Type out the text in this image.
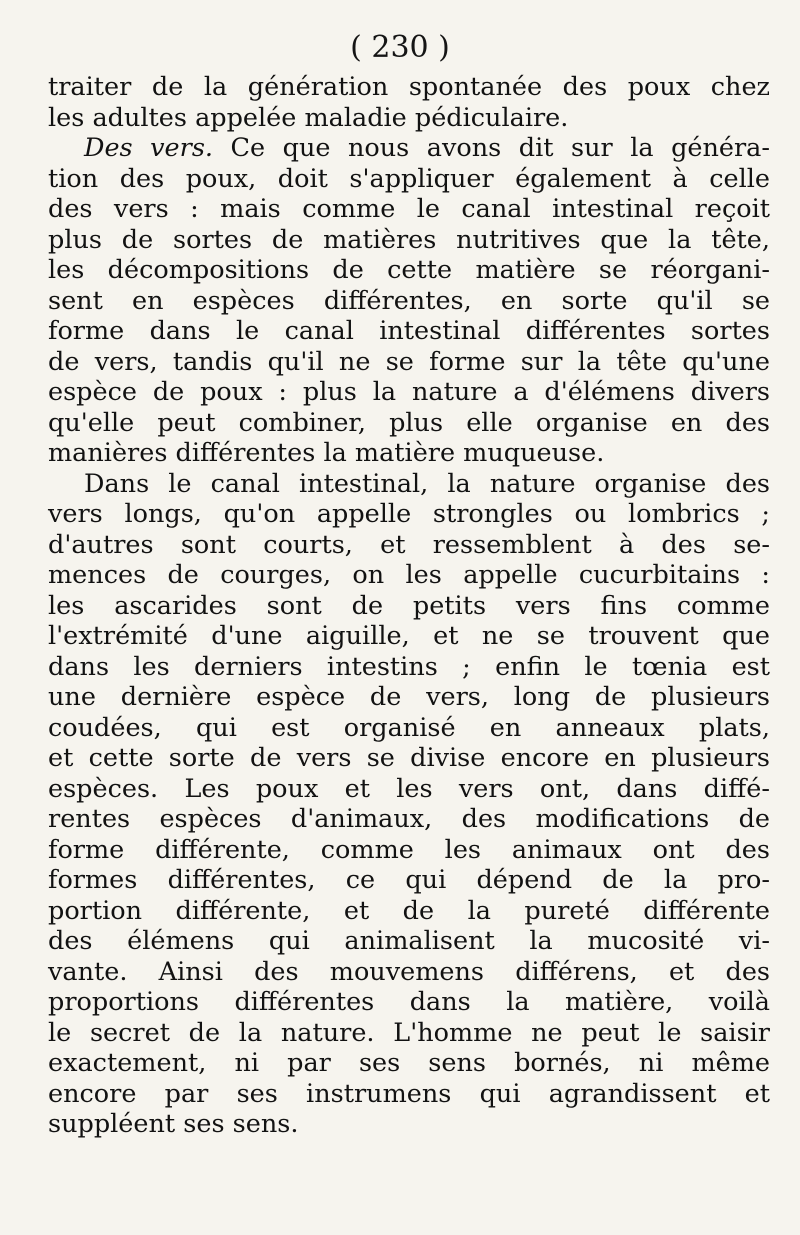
( 230 )
traiter de la génération spontanée des poux chez
les adultes appelée maladie pédiculaire.
Des vers. Ce que nous avons dit sur la généra-
tion des poux, doit s'appliquer également à celle
des vers : mais comme le canal intestinal reçoit
plus de sortes de matières nutritives que la tête,
les décompositions de cette matière se réorgani-
sent en espèces différentes, en sorte qu'il se
forme dans le canal intestinal différentes sortes
de vers, tandis qu'il ne se forme sur la tête qu'une
espèce de poux : plus la nature a d'élémens divers
qu'elle peut combiner, plus elle organise en des
manières différentes la matière muqueuse.
Dans le canal intestinal, la nature organise des
vers longs, qu'on appelle strongles ou lombrics ;
d'autres sont courts, et ressemblent à des se-
mences de courges, on les appelle cucurbitains :
les ascarides sont de petits vers fins comme
l'extrémité d'une aiguille, et ne se trouvent que
dans les derniers intestins ; enfin le tœnia est
une dernière espèce de vers, long de plusieurs
coudées, qui est organisé en anneaux plats,
et cette sorte de vers se divise encore en plusieurs
espèces. Les poux et les vers ont, dans diffé-
rentes espèces d'animaux, des modifications de
forme différente, comme les animaux ont des
formes différentes, ce qui dépend de la pro-
portion différente, et de la pureté différente
des élémens qui animalisent la mucosité vi-
vante. Ainsi des mouvemens différens, et des
proportions différentes dans la matière, voilà
le secret de la nature. L'homme ne peut le saisir
exactement, ni par ses sens bornés, ni même
encore par ses instrumens qui agrandissent et
suppléent ses sens.
